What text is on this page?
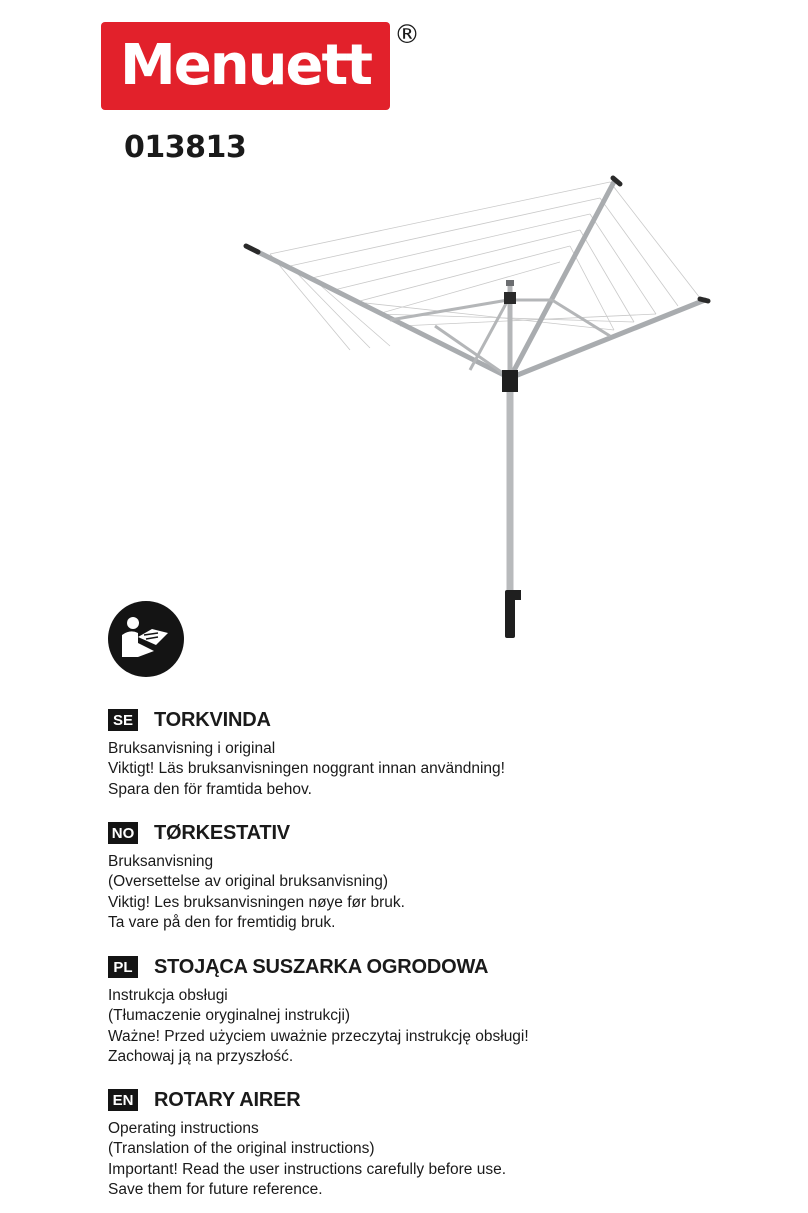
Menuett ®
013813
SE TORKVINDA
Bruksanvisning i original
Viktigt! Läs bruksanvisningen noggrant innan användning!
Spara den för framtida behov.
NO TØRKESTATIV
Bruksanvisning
(Oversettelse av original bruksanvisning)
Viktig! Les bruksanvisningen nøye før bruk.
Ta vare på den for fremtidig bruk.
PL STOJĄCA SUSZARKA OGRODOWA
Instrukcja obsługi
(Tłumaczenie oryginalnej instrukcji)
Ważne! Przed użyciem uważnie przeczytaj instrukcję obsługi!
Zachowaj ją na przyszłość.
EN ROTARY AIRER
Operating instructions
(Translation of the original instructions)
Important! Read the user instructions carefully before use.
Save them for future reference.
